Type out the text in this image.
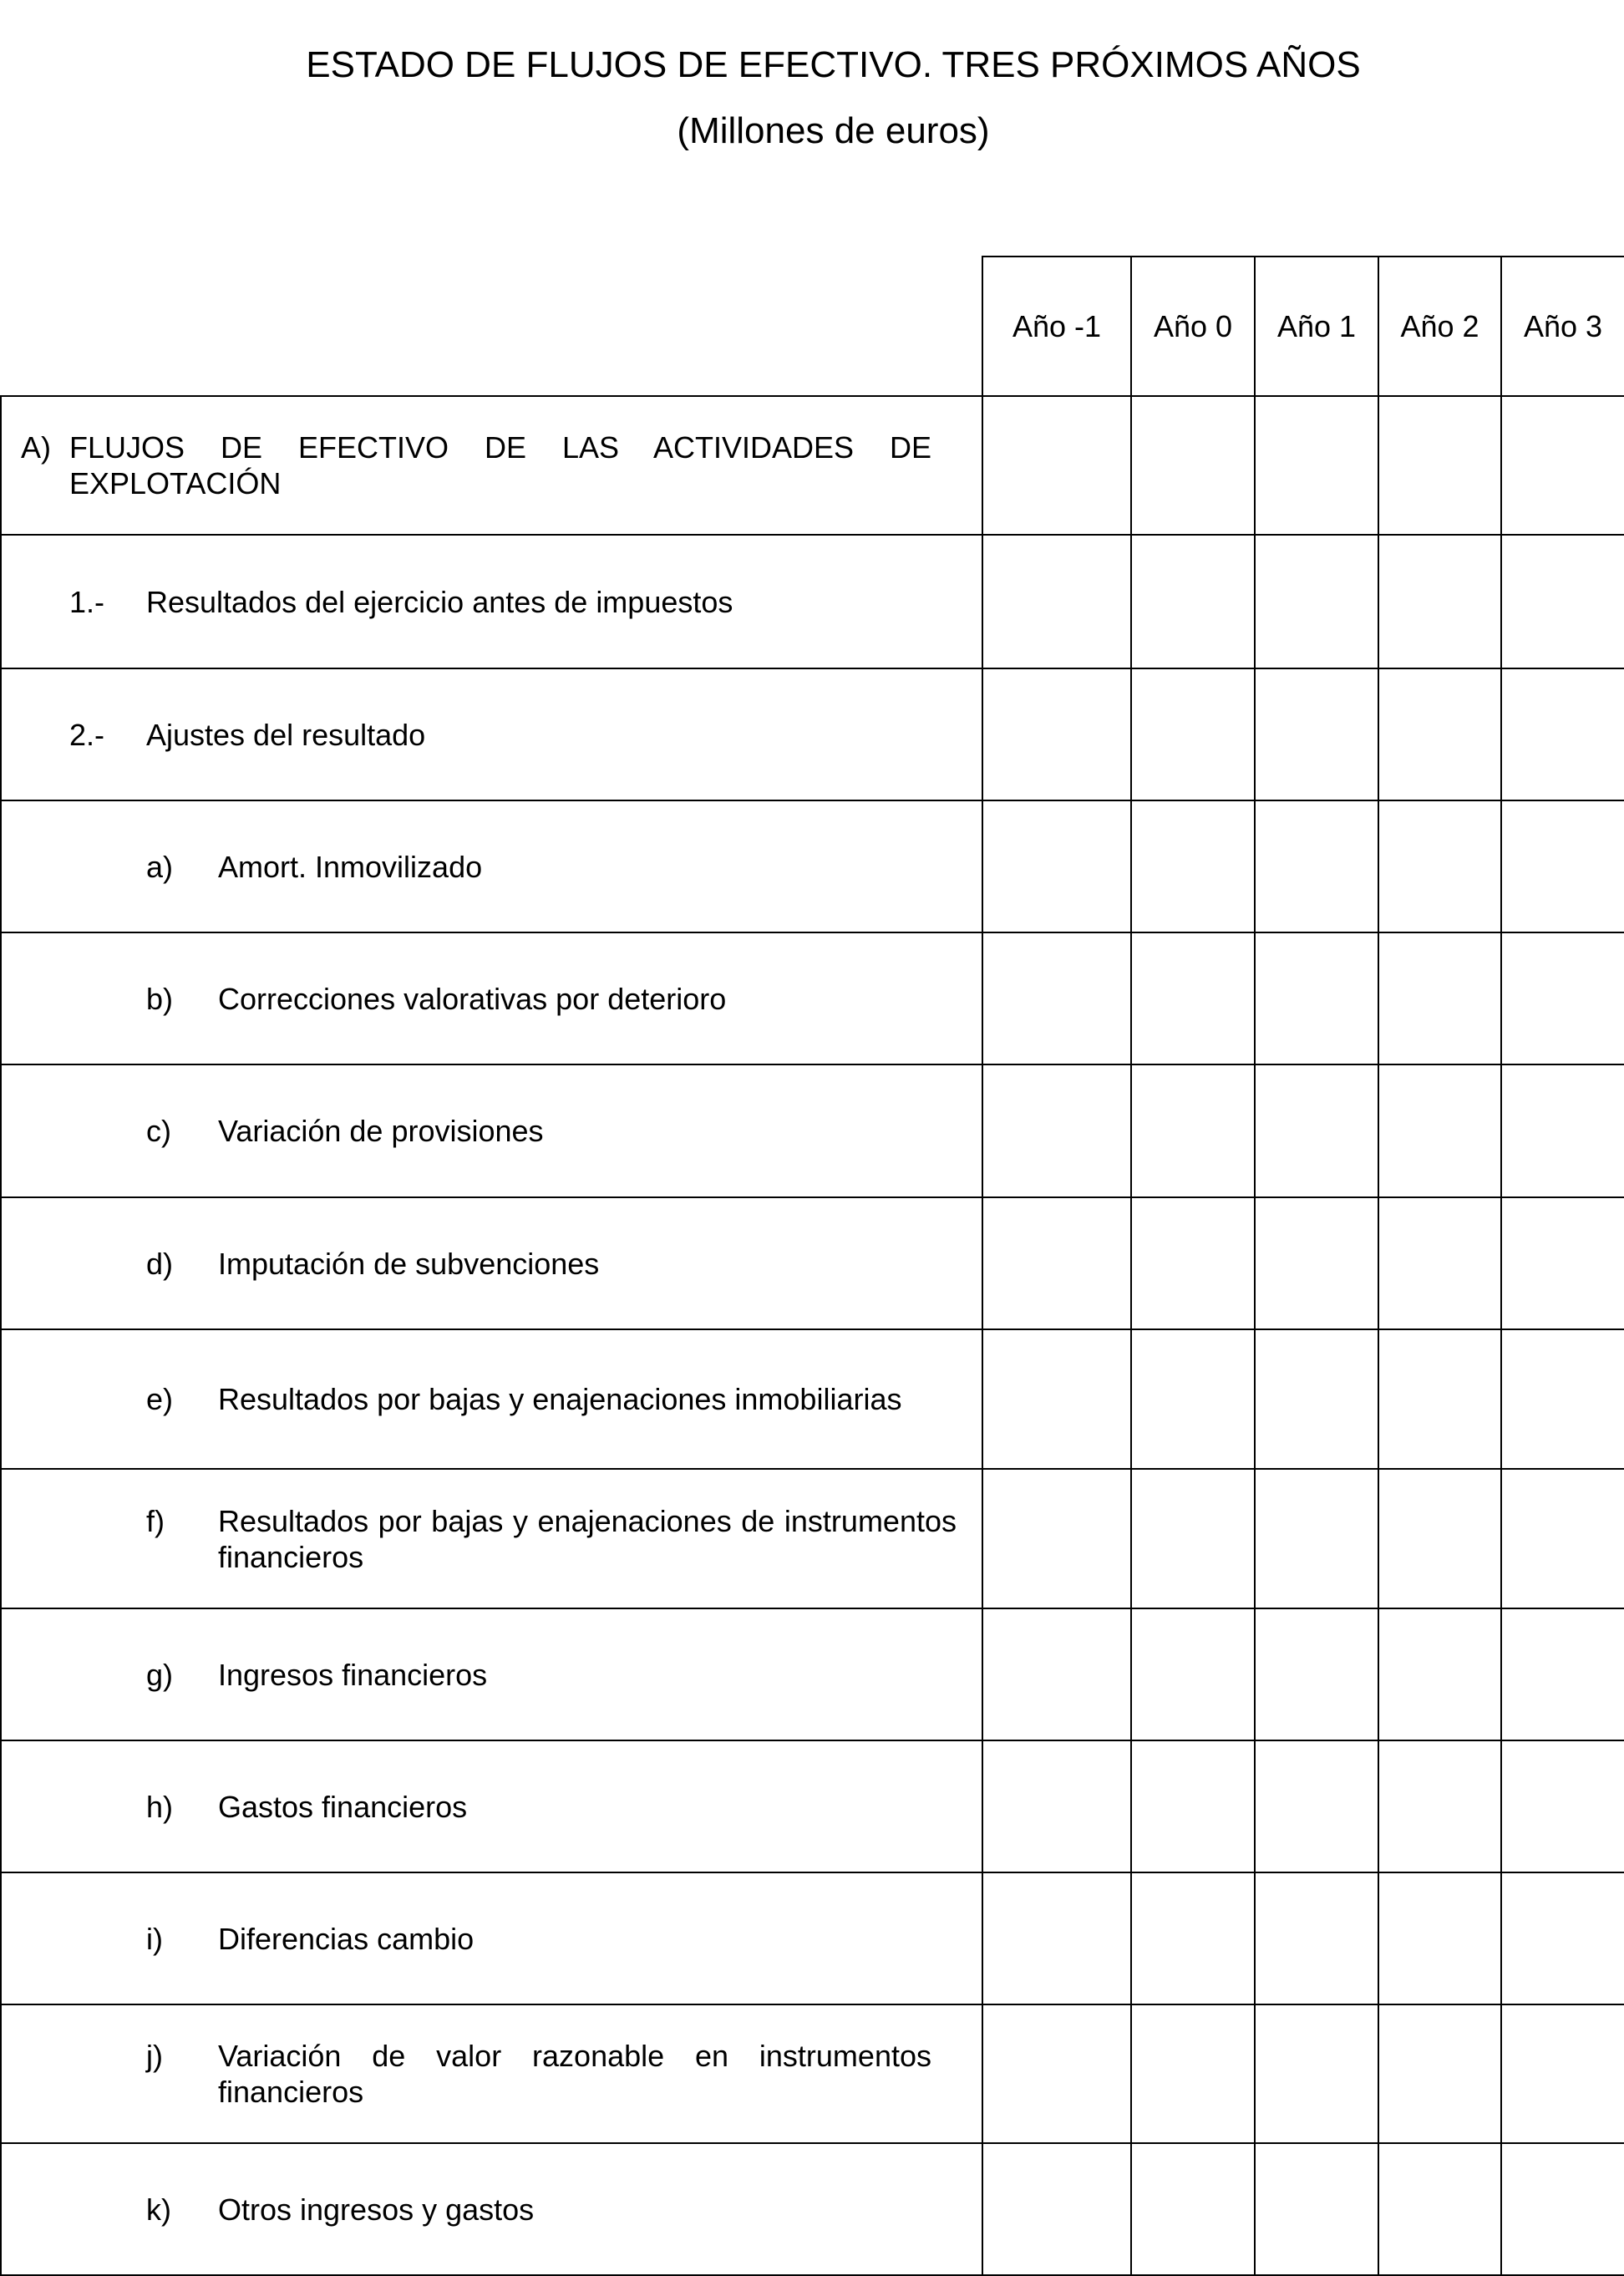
ESTADO DE FLUJOS DE EFECTIVO. TRES PRÓXIMOS AÑOS
(Millones de euros)
	Año -1	Año 0	Año 1	Año 2	Año 3

A) FLUJOS DE EFECTIVO DE LAS ACTIVIDADES DE EXPLOTACIÓN					

1.- Resultados del ejercicio antes de impuestos					

2.- Ajustes del resultado					

a) Amort. Inmovilizado					

b) Correcciones valorativas por deterioro					

c) Variación de provisiones					

d) Imputación de subvenciones					

e) Resultados por bajas y enajenaciones inmobiliarias					

f) Resultados por bajas y enajenaciones de instrumentos financieros					

g) Ingresos financieros					

h) Gastos financieros					

i) Diferencias cambio					

j) Variación de valor razonable en instrumentos financieros					

k) Otros ingresos y gastos					
